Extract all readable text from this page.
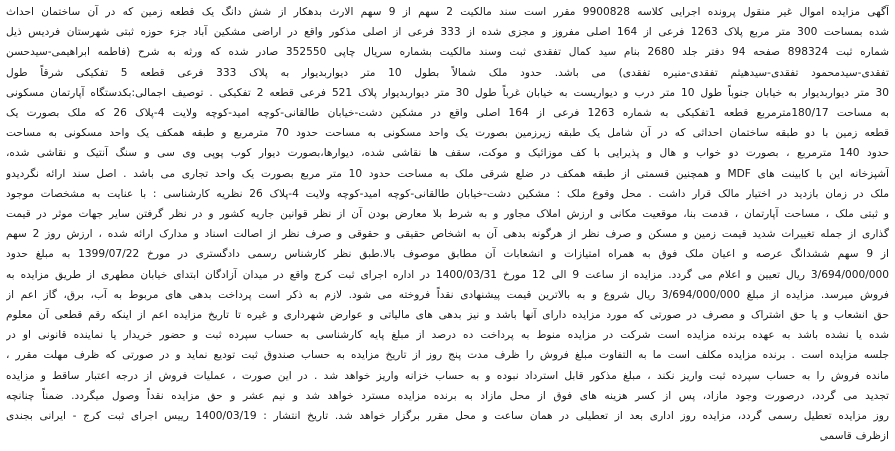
آگهی مزایده اموال غیر منقول پرونده اجرایی کلاسه 9900828 مقرر است سند مالکیت 2 سهم از 9 سهم الارث بدهکار از شش دانگ یک قطعه زمین که در آن ساختمان احداث
شده بمساحت 300 متر مربع پلاک 1263 فرعی از 164 اصلی مفروز و مجزی شده از 333 فرعی از اصلی مذکور واقع در اراضی مشکین آباد جزء حوزه ثبتی شهرستان فردیس ذیل
شماره ثبت 898324 صفحه 94 دفتر جلد 2680 بنام سید کمال تفقدی ثبت وسند مالکیت بشماره سریال چاپی 352550 صادر شده که ورثه به شرح (فاطمه ابراهیمی-سیدحسن
تفقدی-سیدمحمود تفقدی-سیدهیثم تفقدی-منیره تفقدی) می باشد. حدود ملک شمالاً بطول 10 متر دیواربدیوار به پلاک 333 فرعی قطعه 5 تفکیکی شرقاً طول
30 متر دیواربدیوار به خیابان جنوباً طول 10 متر درب و دیواریست به خیابان غرباً طول 30 متر دیواربدیوار پلاک 521 فرعی قطعه 2 تفکیکی . توصیف اجمالی:بکدستگاه آپارتمان مسکونی
به مساحت 180/17مترمربع قطعه 1تفکیکی به شماره 1263 فرعی از 164 اصلی واقع در مشکین دشت-خیابان طالقانی-کوچه امید-کوچه ولایت 4-پلاک 26 که ملک بصورت یک
قطعه زمین با دو طبقه ساختمان احداثی که در آن شامل یک طبقه زیرزمین بصورت یک واحد مسکونی به مساحت حدود 70 مترمربع و طبقه همکف یک واحد مسکونی به مساحت
حدود 140 مترمربع ، بصورت دو خواب و هال و پذیرایی با کف موزائیک و موکت، سقف ها نقاشی شده، دیوارها،بصورت دیوار کوب پوپی وی سی و سنگ آنتیک و نقاشی شده،
آشپزخانه این با کابینت های MDF و همچنین قسمتی از طبقه همکف در ضلع شرقی ملک به مساحت حدود 10 متر مربع بصورت یک واحد تجاری می باشد . اصل سند ارائه نگردیدو
ملک در زمان بازدید در اختیار مالک قرار داشت . محل وقوع ملک : مشکین دشت-خیابان طالقانی-کوچه امید-کوچه ولایت 4-پلاک 26 نظریه کارشناسی : با عنایت به مشخصات موجود
و ثبتی ملک ، مساحت آپارتمان ، قدمت بنا، موقعیت مکانی و ارزش املاک مجاور و به شرط بلا معارض بودن آن از نظر قوانین جاریه کشور و در نظر گرفتن سایر جهات موثر در قیمت
گذاری از جمله تغییرات شدید قیمت زمین و مسکن و صرف نظر از هرگونه بدهی آن به اشخاص حقیقی و حقوقی و صرف نظر از اصالت اسناد و مدارک ارائه شده ، ارزش روز 2 سهم
از 9 سهم ششدانگ عرصه و اعیان ملک فوق به همراه امتیازات و انشعابات آن مطابق موصوف بالا.طبق نظر کارشناس رسمی دادگستری در مورخ 1399/07/22 به مبلغ حدود
3/694/000/000 ریال تعیین و اعلام می گردد. مزایده از ساعت 9 الی 12 مورخ 1400/03/31 در اداره اجرای ثبت کرج واقع در میدان آزادگان ابتدای خیابان مطهری از طریق مزایده به
فروش میرسد. مزایده از مبلغ 3/694/000/000 ریال شروع و به بالاترین قیمت پیشنهادی نقداً فروخته می شود. لازم به ذکر است پرداخت بدهی های مربوط به آب، برق، گاز اعم از
حق انشعاب و یا حق اشتراک و مصرف در صورتی که مورد مزایده دارای آنها باشد و نیز بدهی های مالیاتی و عوارض شهرداری و غیره تا تاریخ مزایده اعم از اینکه رقم قطعی آن معلوم
شده یا نشده باشد به عهده برنده مزایده است شرکت در مزایده منوط به پرداخت ده درصد از مبلغ پایه کارشناسی به حساب سپرده ثبت و حضور خریدار یا نماینده قانونی او در
جلسه مزایده است . برنده مزایده مکلف است ما به التفاوت مبلغ فروش را ظرف مدت پنج روز از تاریخ مزایده به حساب صندوق ثبت تودیع نماید و در صورتی که ظرف مهلت مقرر ،
مانده فروش را به حساب سپرده ثبت واریز نکند ، مبلغ مذکور قابل استرداد نبوده و به حساب خزانه واریز خواهد شد . در این صورت ، عملیات فروش از درجه اعتبار ساقط و مزایده
تجدید می گردد، درصورت وجود مازاد، پس از کسر هزینه های فوق از محل مازاد به برنده مزایده مسترد خواهد شد و نیم عشر و حق مزایده نقداً وصول میگردد. ضمناً چنانچه
روز مزایده تعطیل رسمی گردد، مزایده روز اداری بعد از تعطیلی در همان ساعت و محل مقرر برگزار خواهد شد. تاریخ انتشار : 1400/03/19 رییس اجرای ثبت کرج - ایرانی بجندی
ازظرف قاسمی
